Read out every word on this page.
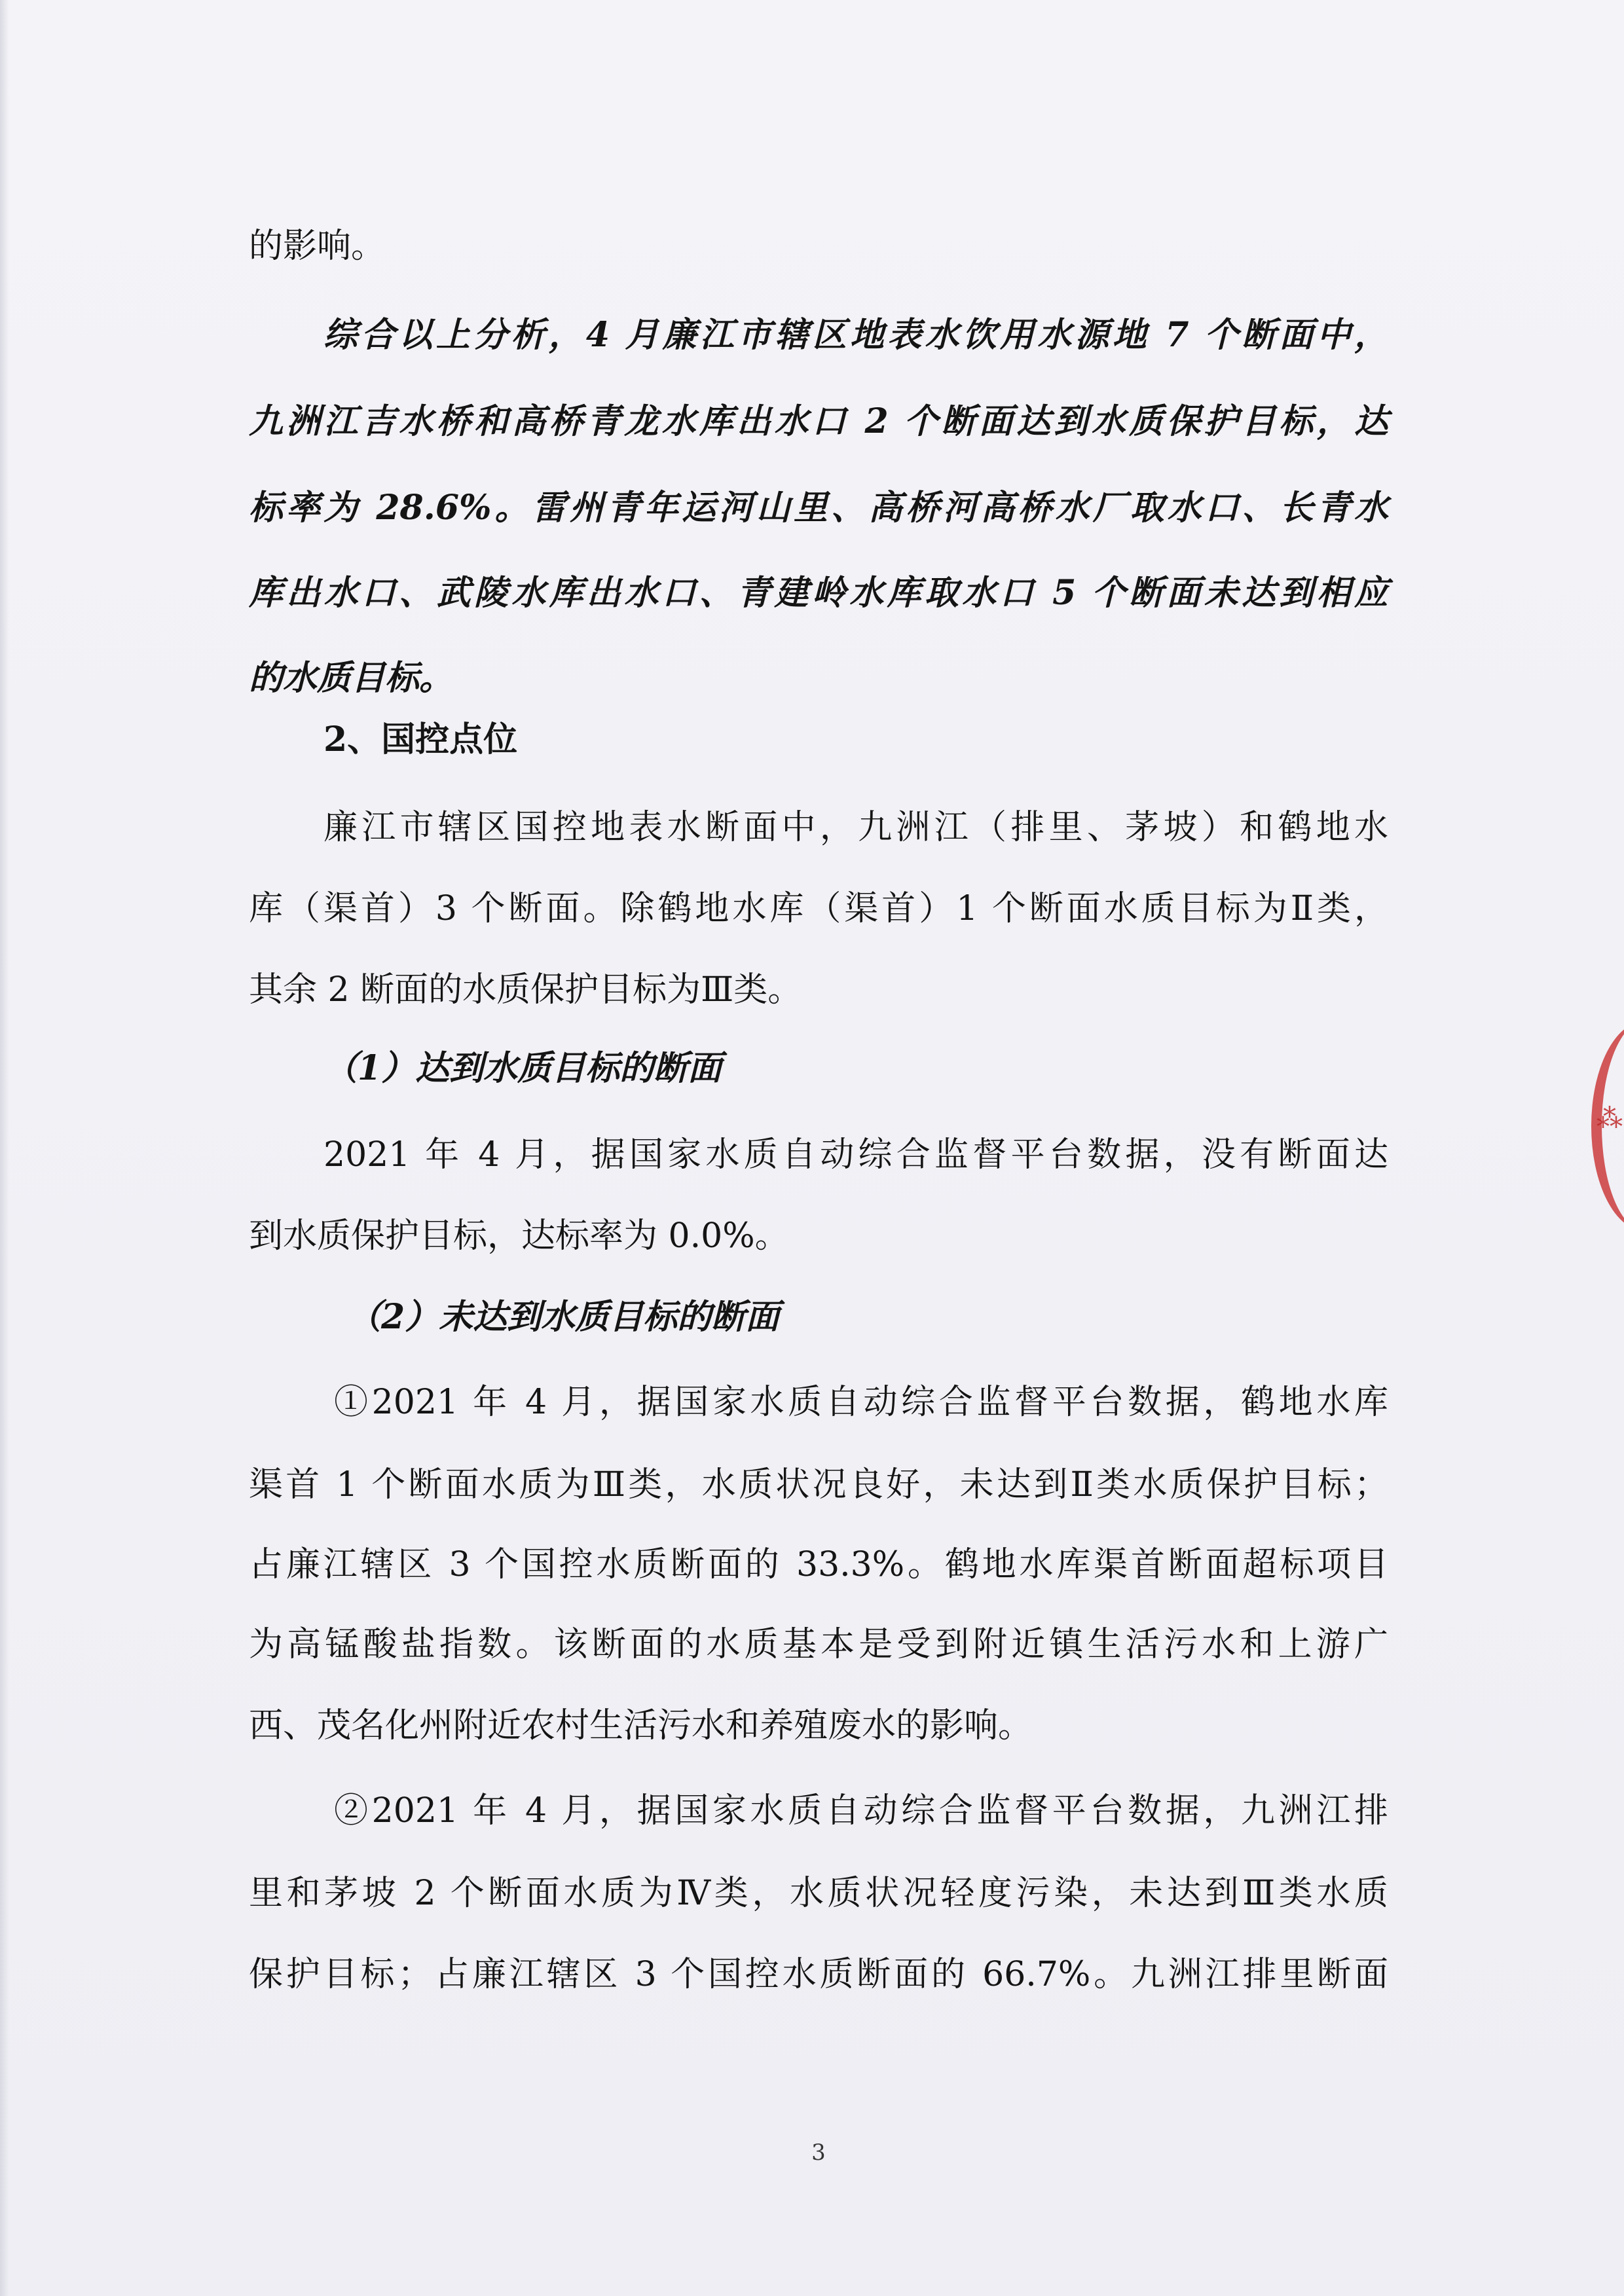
的影响。
综合以上分析，4 月廉江市辖区地表水饮用水源地 7 个断面中，
九洲江吉水桥和高桥青龙水库出水口 2 个断面达到水质保护目标，达
标率为 28.6%。雷州青年运河山里、高桥河高桥水厂取水口、长青水
库出水口、武陵水库出水口、青建岭水库取水口 5 个断面未达到相应
的水质目标。
2、国控点位
廉江市辖区国控地表水断面中，九洲江（排里、茅坡）和鹤地水
库（渠首）3 个断面。除鹤地水库（渠首）1 个断面水质目标为Ⅱ类，
其余 2 断面的水质保护目标为Ⅲ类。
（1）达到水质目标的断面
2021 年 4 月，据国家水质自动综合监督平台数据，没有断面达
到水质保护目标，达标率为 0.0%。
（2）未达到水质目标的断面
①2021 年 4 月，据国家水质自动综合监督平台数据，鹤地水库
渠首 1 个断面水质为Ⅲ类，水质状况良好，未达到Ⅱ类水质保护目标；
占廉江辖区 3 个国控水质断面的 33.3%。鹤地水库渠首断面超标项目
为高锰酸盐指数。该断面的水质基本是受到附近镇生活污水和上游广
西、茂名化州附近农村生活污水和养殖废水的影响。
②2021 年 4 月，据国家水质自动综合监督平台数据，九洲江排
里和茅坡 2 个断面水质为Ⅳ类，水质状况轻度污染，未达到Ⅲ类水质
保护目标；占廉江辖区 3 个国控水质断面的 66.7%。九洲江排里断面
3
⁂
